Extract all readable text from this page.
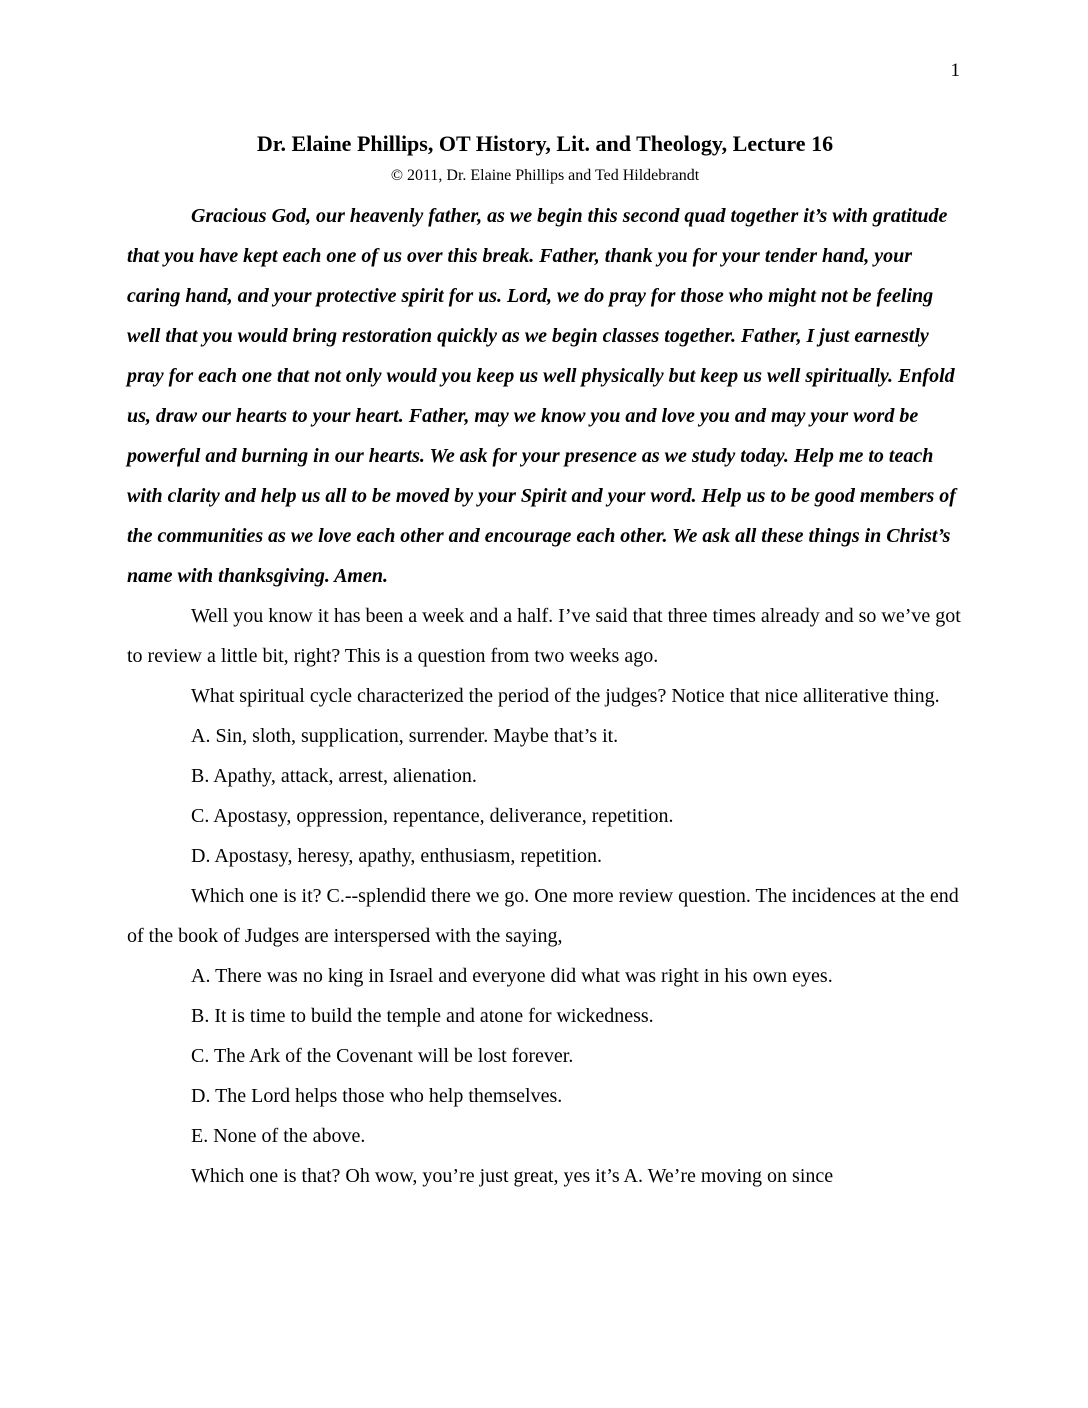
1
Dr. Elaine Phillips, OT History, Lit. and Theology, Lecture 16
© 2011, Dr. Elaine Phillips and Ted Hildebrandt

Gracious God, our heavenly father, as we begin this second quad together it’s with gratitude that you have kept each one of us over this break. Father, thank you for your tender hand, your caring hand, and your protective spirit for us. Lord, we do pray for those who might not be feeling well that you would bring restoration quickly as we begin classes together. Father, I just earnestly pray for each one that not only would you keep us well physically but keep us well spiritually. Enfold us, draw our hearts to your heart. Father, may we know you and love you and may your word be powerful and burning in our hearts. We ask for your presence as we study today. Help me to teach with clarity and help us all to be moved by your Spirit and your word. Help us to be good members of the communities as we love each other and encourage each other. We ask all these things in Christ’s name with thanksgiving. Amen.

Well you know it has been a week and a half. I’ve said that three times already and so we’ve got to review a little bit, right? This is a question from two weeks ago.

What spiritual cycle characterized the period of the judges? Notice that nice alliterative thing.

A. Sin, sloth, supplication, surrender. Maybe that’s it.

B. Apathy, attack, arrest, alienation.

C. Apostasy, oppression, repentance, deliverance, repetition.

D. Apostasy, heresy, apathy, enthusiasm, repetition.

Which one is it? C.--splendid there we go. One more review question. The incidences at the end of the book of Judges are interspersed with the saying,

A. There was no king in Israel and everyone did what was right in his own eyes.

B. It is time to build the temple and atone for wickedness.

C. The Ark of the Covenant will be lost forever.

D. The Lord helps those who help themselves.

E. None of the above.

Which one is that? Oh wow, you’re just great, yes it’s A. We’re moving on since
